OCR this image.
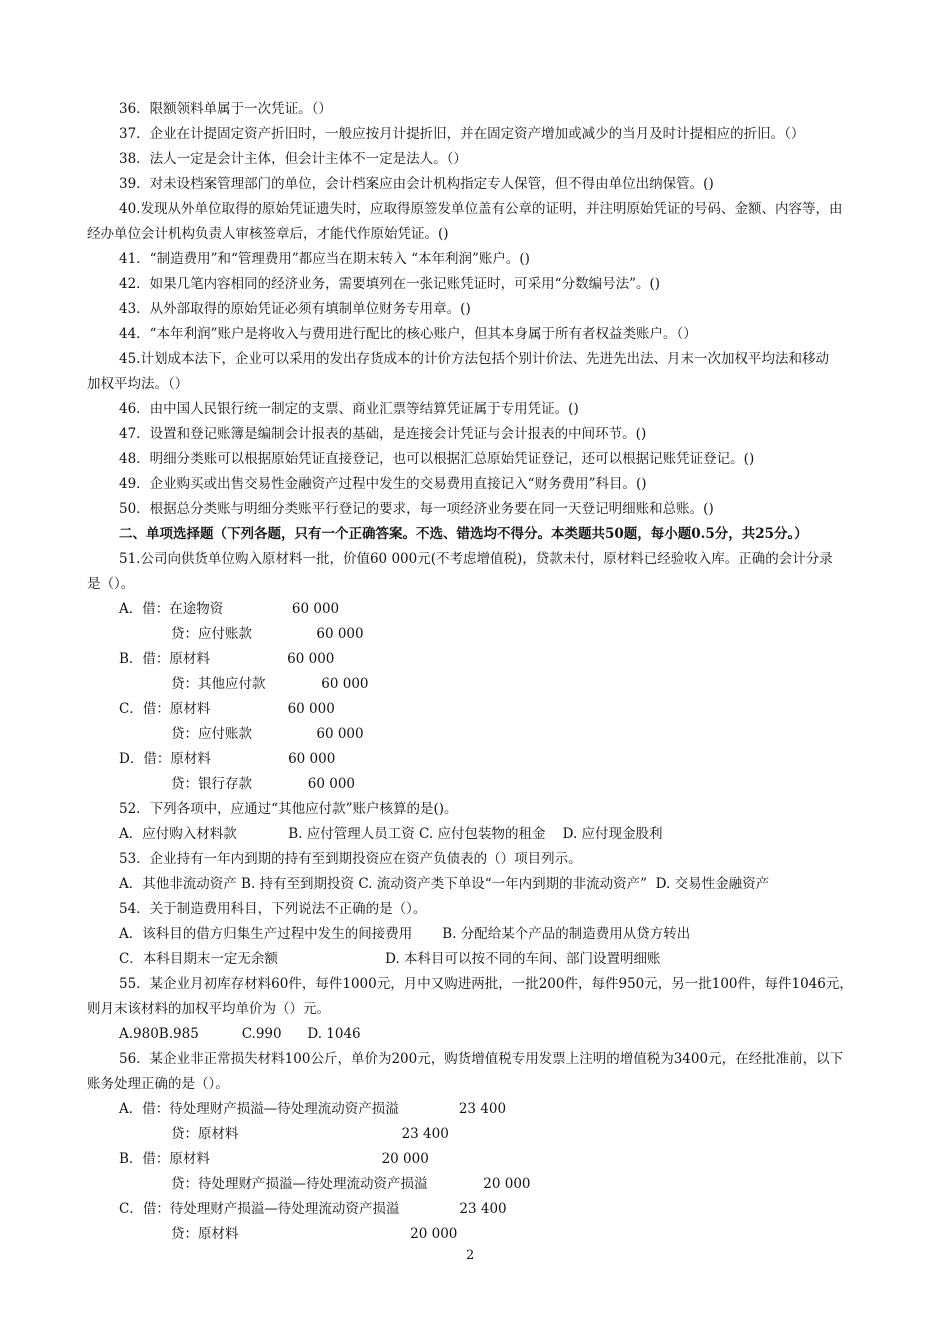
36．限额领料单属于一次凭证。（）
37．企业在计提固定资产折旧时，一般应按月计提折旧，并在固定资产增加或减少的当月及时计提相应的折旧。（）
38．法人一定是会计主体，但会计主体不一定是法人。（）
39．对未设档案管理部门的单位，会计档案应由会计机构指定专人保管，但不得由单位出纳保管。()
40.发现从外单位取得的原始凭证遗失时，应取得原签发单位盖有公章的证明，并注明原始凭证的号码、金额、内容等，由
经办单位会计机构负责人审核签章后，才能代作原始凭证。()
41．“制造费用”和“管理费用”都应当在期末转入 “本年利润”账户。()
42．如果几笔内容相同的经济业务，需要填列在一张记账凭证时，可采用“分数编号法”。()
43．从外部取得的原始凭证必须有填制单位财务专用章。()
44．“本年利润”账户是将收入与费用进行配比的核心账户，但其本身属于所有者权益类账户。（）
45.计划成本法下，企业可以采用的发出存货成本的计价方法包括个别计价法、先进先出法、月末一次加权平均法和移动
加权平均法。（）
46．由中国人民银行统一制定的支票、商业汇票等结算凭证属于专用凭证。()
47．设置和登记账簿是编制会计报表的基础，是连接会计凭证与会计报表的中间环节。()
48．明细分类账可以根据原始凭证直接登记，也可以根据汇总原始凭证登记，还可以根据记账凭证登记。()
49．企业购买或出售交易性金融资产过程中发生的交易费用直接记入“财务费用”科目。()
50．根据总分类账与明细分类账平行登记的要求，每一项经济业务要在同一天登记明细账和总账。()
二、单项选择题（下列各题，只有一个正确答案。不选、错选均不得分。本类题共50题，每小题0.5分，共25分。）
51.公司向供货单位购入原材料一批，价值60 000元(不考虑增值税)，贷款未付，原材料已经验收入库。正确的会计分录
是（）。
A．借：在途物资                60 000
贷：应付账款               60 000
B．借：原材料                  60 000
贷：其他应付款             60 000
C．借：原材料                  60 000
贷：应付账款               60 000
D．借：原材料                  60 000
贷：银行存款             60 000
52．下列各项中，应通过“其他应付款”账户核算的是()。
A．应付购入材料款            B. 应付管理人员工资 C. 应付包装物的租金    D. 应付现金股利
53．企业持有一年内到期的持有至到期投资应在资产负债表的（）项目列示。
A．其他非流动资产 B. 持有至到期投资 C. 流动资产类下单设“一年内到期的非流动资产”  D. 交易性金融资产
54．关于制造费用科目，下列说法不正确的是（）。
A．该科目的借方归集生产过程中发生的间接费用       B. 分配给某个产品的制造费用从贷方转出
C．本科目期末一定无余额                         D. 本科目可以按不同的车间、部门设置明细账
55．某企业月初库存材料60件，每件1000元，月中又购进两批，一批200件，每件950元，另一批100件，每件1046元，
则月末该材料的加权平均单价为（）元。
A.980B.985          C.990      D. 1046
56．某企业非正常损失材料100公斤，单价为200元，购货增值税专用发票上注明的增值税为3400元，在经批准前，以下
账务处理正确的是（）。
A．借：待处理财产损溢—待处理流动资产损溢              23 400
贷：原材料                                      23 400
B．借：原材料                                        20 000
贷：待处理财产损溢—待处理流动资产损溢             20 000
C．借：待处理财产损溢—待处理流动资产损溢              23 400
贷：原材料                                        20 000
2
